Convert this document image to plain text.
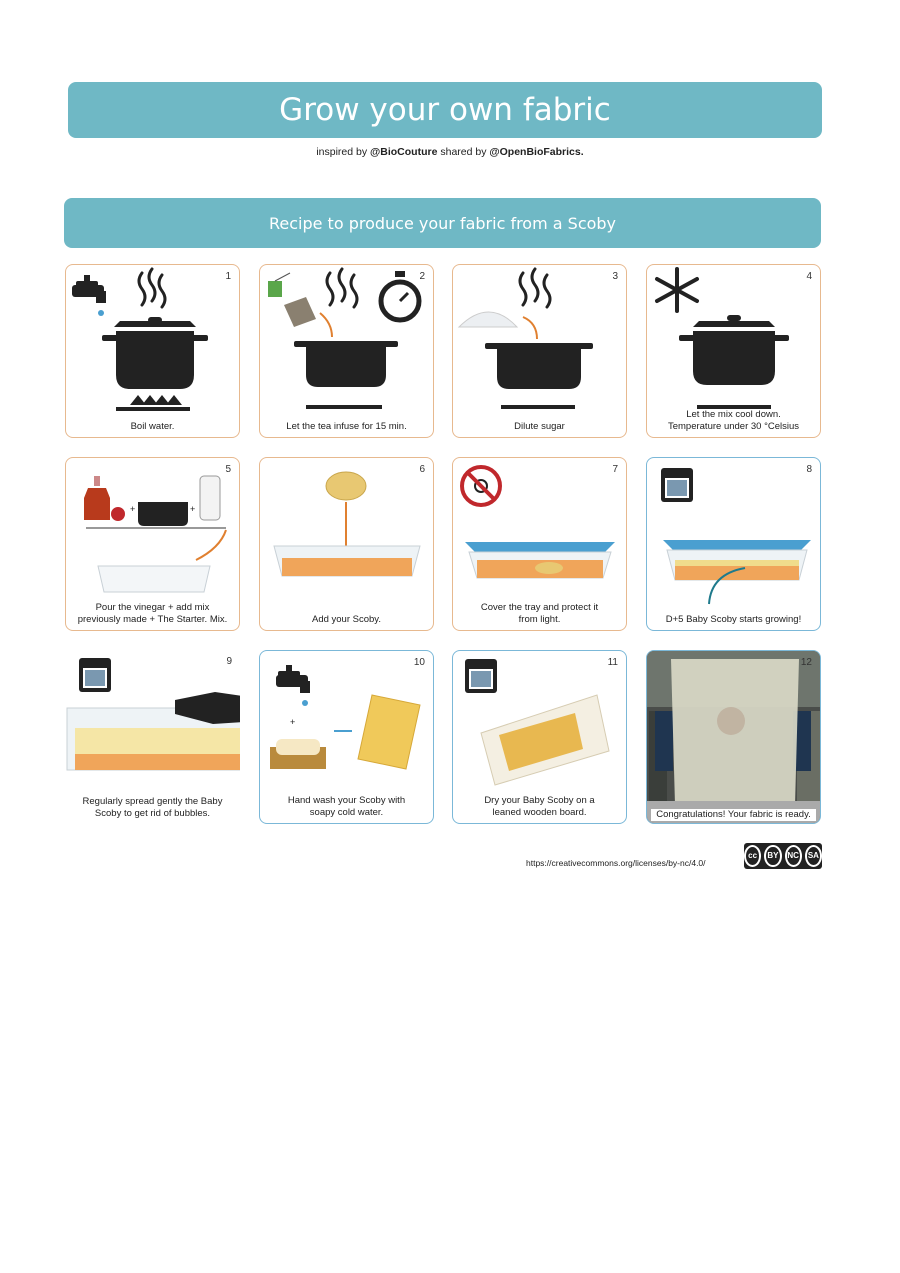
Grow your own fabric
inspired by @BioCouture shared by @OpenBioFabrics.
Recipe to produce your fabric from a Scoby
1
Boil water.
2
Let the tea infuse for 15 min.
3
Dilute sugar
4
Let the mix cool down.
Temperature under 30 °Celsius
+	+
5
Pour the vinegar + add mix
previously made + The Starter. Mix.
6
Add your Scoby.
7
Cover the tray and protect it
from light.
8
D+5 Baby Scoby starts growing!
9
Regularly spread gently the Baby
Scoby to get rid of bubbles.
+
10
Hand wash your Scoby with
soapy cold water.
11
Dry your Baby Scoby on a
leaned wooden board.
12
Congratulations! Your fabric is ready.
https://creativecommons.org/licenses/by-nc/4.0/
cc	BY	NC	SA
